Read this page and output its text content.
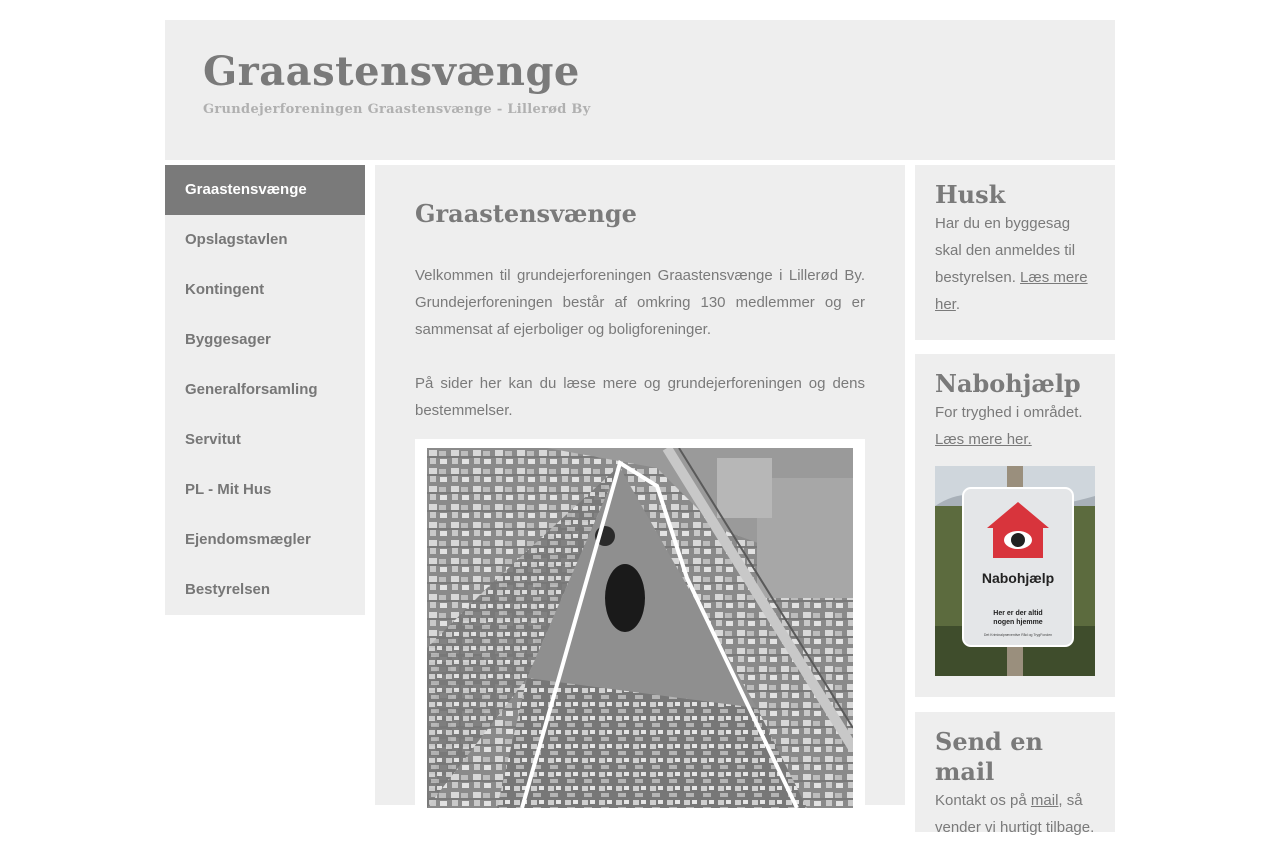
Graastensvænge
Grundejerforeningen Graastensvænge - Lillerød By
Graastensvænge
Opslagstavlen
Kontingent
Byggesager
Generalforsamling
Servitut
PL - Mit Hus
Ejendomsmægler
Bestyrelsen
Graastensvænge

Velkommen til grundejerforeningen Graastensvænge i Lillerød By. Grundejerforeningen består af omkring 130 medlemmer og er sammensat af ejerboliger og boligforeninger.

På sider her kan du læse mere og grundejerforeningen og dens bestemmelser.

Husk

Har du en byggesag skal den anmeldes til bestyrelsen. Læs mere her.

Nabohjælp

For tryghed i området.

Læs mere her.

Nabohjælp
Her er der altid
nogen hjemme
Det Kriminalpræventive Råd og TrygFonden
Send en mail

Kontakt os på mail, så vender vi hurtigt tilbage.
